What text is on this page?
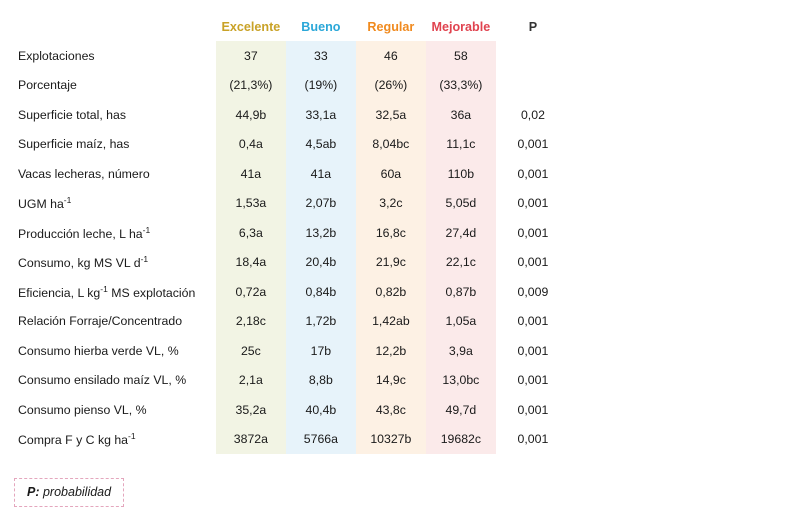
	Excelente	Bueno	Regular	Mejorable	P
Explotaciones	37	33	46	58	
Porcentaje	(21,3%)	(19%)	(26%)	(33,3%)	
Superficie total, has	44,9b	33,1a	32,5a	36a	0,02
Superficie maíz, has	0,4a	4,5ab	8,04bc	11,1c	0,001
Vacas lecheras, número	41a	41a	60a	110b	0,001
UGM $ha^{-1}$	1,53a	2,07b	3,2c	5,05d	0,001
Producción leche, L $ha^{-1}$	6,3a	13,2b	16,8c	27,4d	0,001
Consumo, kg MS VL $d^{-1}$	18,4a	20,4b	21,9c	22,1c	0,001
Eficiencia, L $kg^{-1}$ MS explotación	0,72a	0,84b	0,82b	0,87b	0,009
Relación Forraje/Concentrado	2,18c	1,72b	1,42ab	1,05a	0,001
Consumo hierba verde VL, %	25c	17b	12,2b	3,9a	0,001
Consumo ensilado maíz VL, %	2,1a	8,8b	14,9c	13,0bc	0,001
Consumo pienso VL, %	35,2a	40,4b	43,8c	49,7d	0,001
Compra F y C kg $ha^{-1}$	3872a	5766a	10327b	19682c	0,001
P: probabilidad
